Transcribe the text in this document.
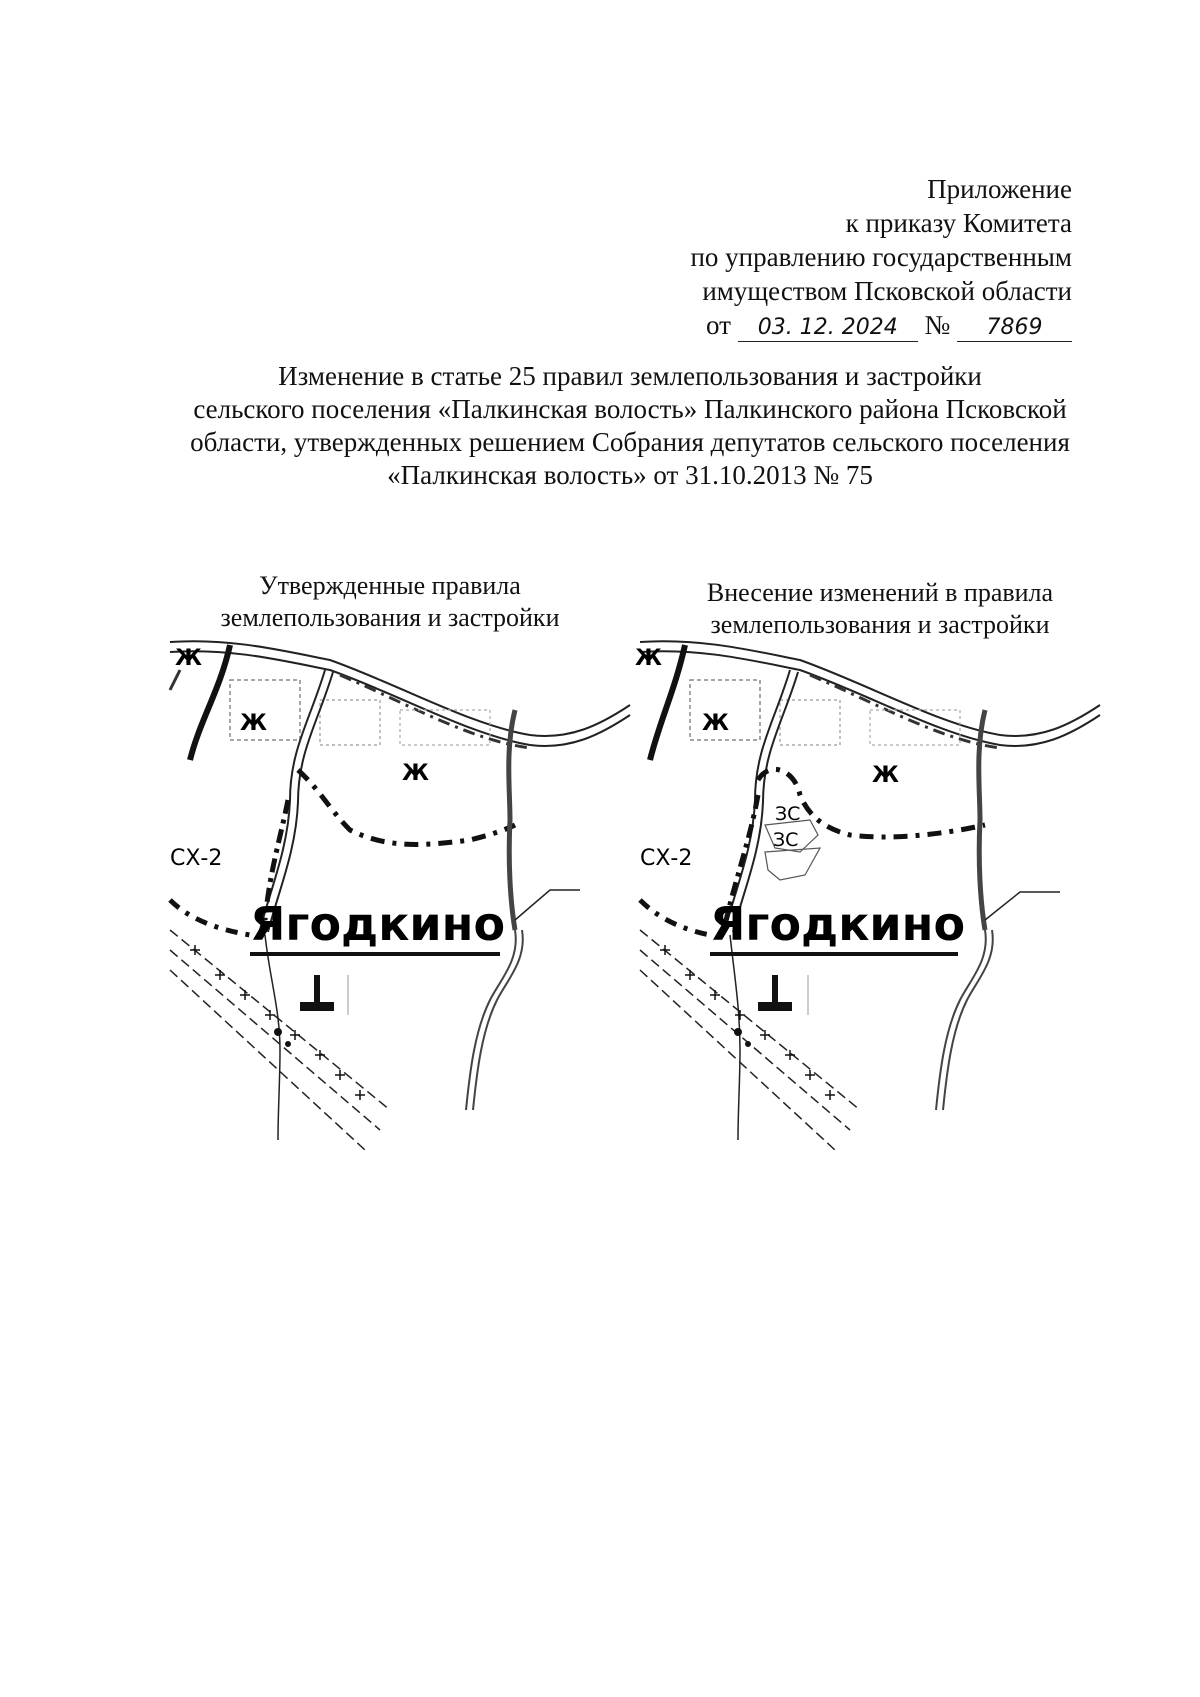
Приложение
к приказу Комитета
по управлению государственным
имуществом Псковской области
от 03. 12. 2024 № 7869
Изменение в статье 25 правил землепользования и застройки
сельского поселения «Палкинская волость» Палкинского района Псковской
области, утвержденных решением Собрания депутатов сельского поселения
«Палкинская волость» от 31.10.2013 № 75
Утвержденные правила
землепользования и застройки
Внесение изменений в правила
землепользования и застройки
Ж
Ж
Ж
СХ-2
Ягодкино
Ж
Ж
Ж
ЗС
ЗС
СХ-2
Ягодкино
